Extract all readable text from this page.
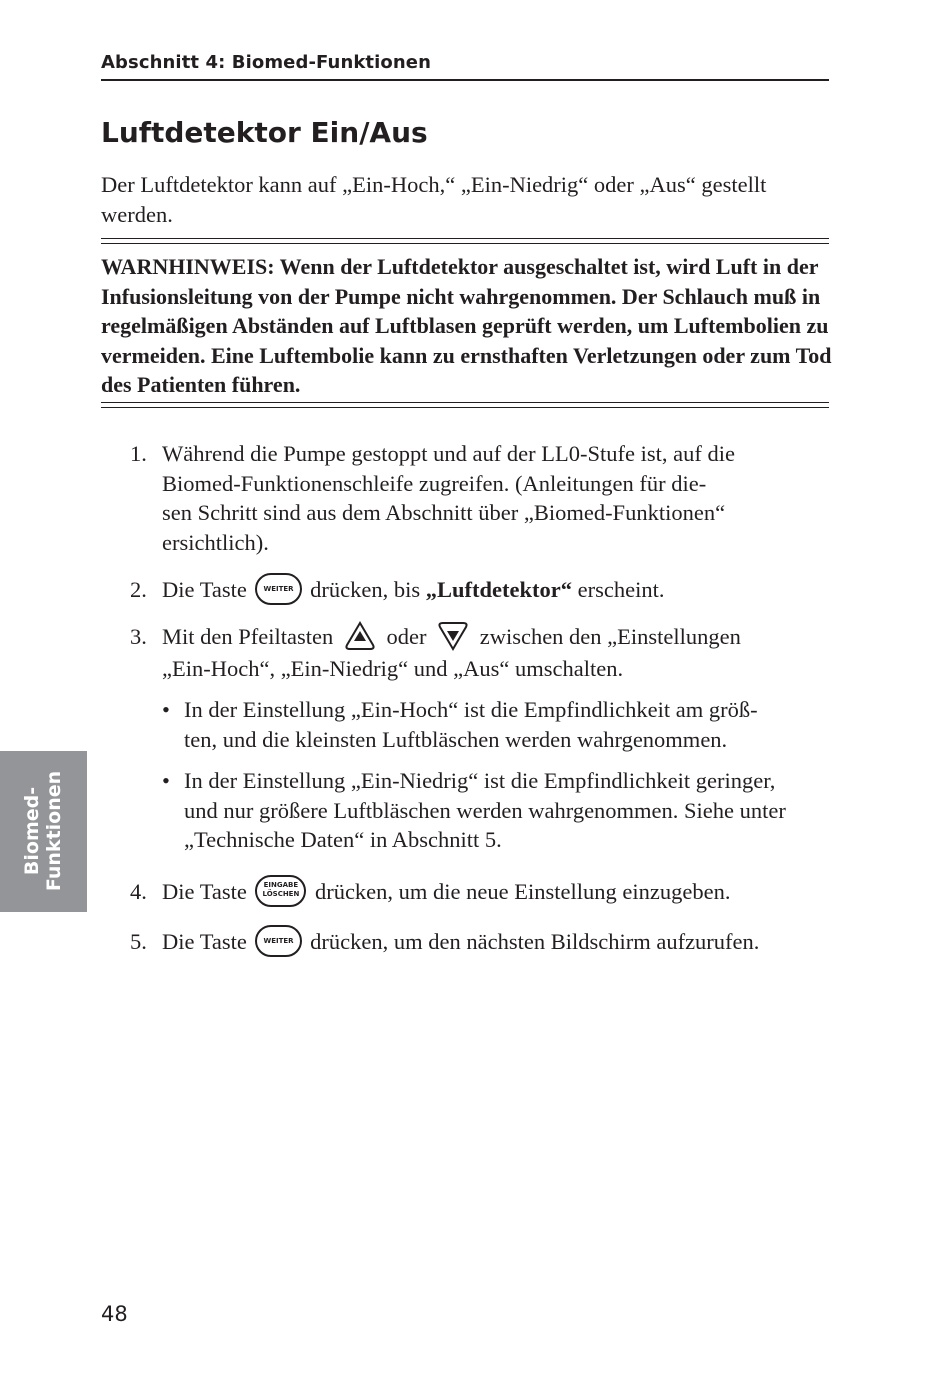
Abschnitt 4: Biomed-Funktionen
Luftdetektor Ein/Aus

Der Luftdetektor kann auf „Ein-Hoch,“ „Ein-Niedrig“ oder „Aus“ gestellt werden.

WARNHINWEIS: Wenn der Luftdetektor ausgeschaltet ist, wird Luft in der Infusionsleitung von der Pumpe nicht wahrgenommen. Der Schlauch muß in regelmäßigen Abständen auf Luftblasen geprüft werden, um Luftembolien zu vermeiden. Eine Luftembolie kann zu ernsthaften Verletzungen oder zum Tod des Patienten führen.

1. Während die Pumpe gestoppt und auf der LL0-Stufe ist, auf die
Biomed-Funktionenschleife zugreifen. (Anleitungen für die-
sen Schritt sind aus dem Abschnitt über „Biomed-Funktionen“
ersichtlich).
2. Die Taste WEITER drücken, bis „Luftdetektor“ erscheint.
3. Mit den Pfeiltasten oder zwischen den „Einstellungen
„Ein-Hoch“, „Ein-Niedrig“ und „Aus“ umschalten.
4. Die Taste EINGABE
LÖSCHEN drücken, um die neue Einstellung einzugeben.
5. Die Taste WEITER drücken, um den nächsten Bildschirm aufzurufen.
• In der Einstellung „Ein-Hoch“ ist die Empfindlichkeit am größ-
ten, und die kleinsten Luftbläschen werden wahrgenommen.
• In der Einstellung „Ein-Niedrig“ ist die Empfindlichkeit geringer,
und nur größere Luftbläschen werden wahrgenommen. Siehe unter
„Technische Daten“ in Abschnitt 5.
Biomed-
Funktionen
48
